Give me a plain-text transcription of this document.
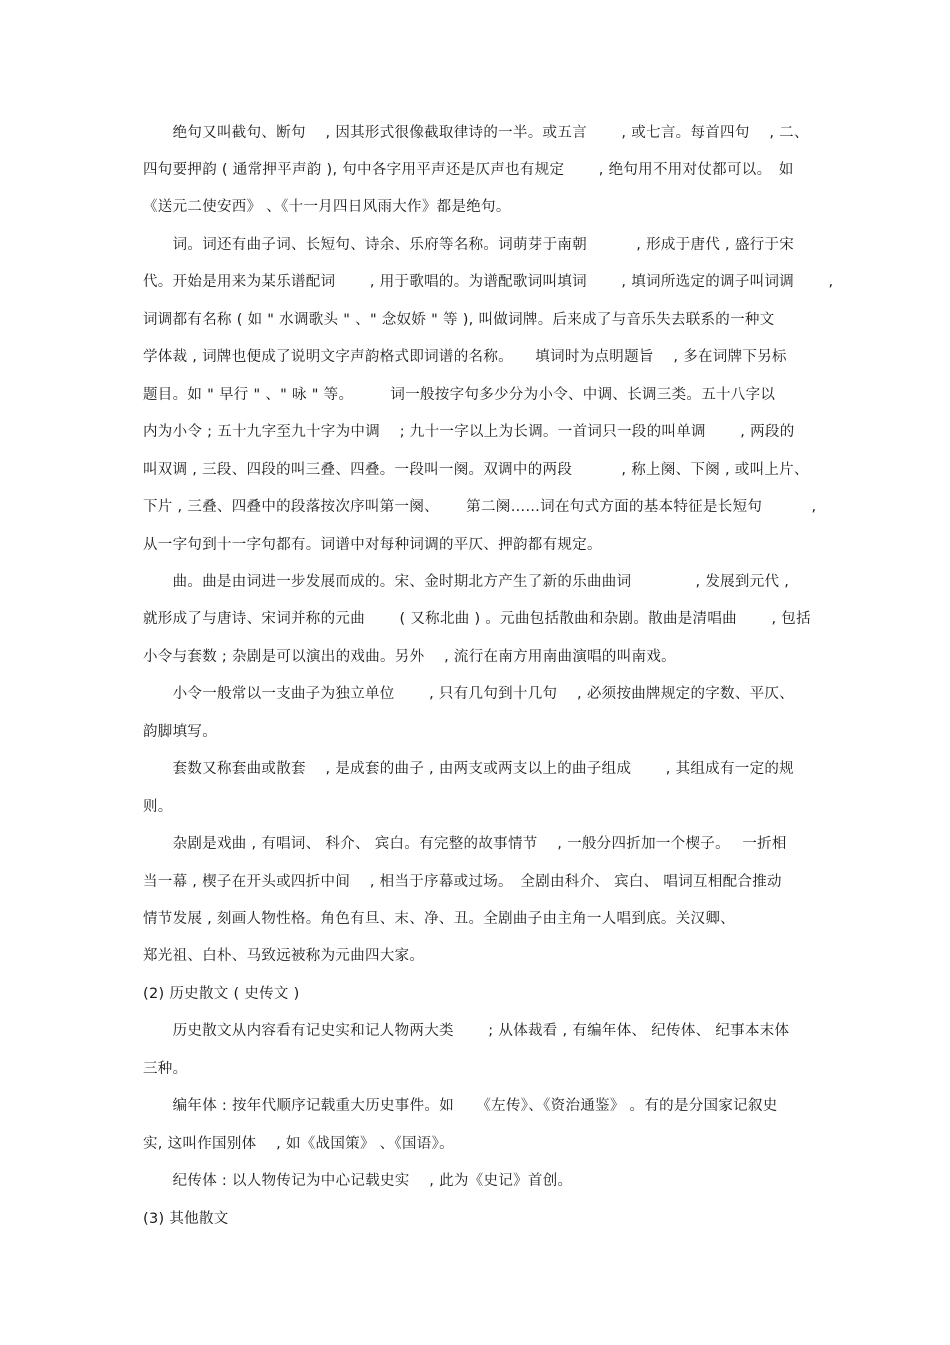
　　绝句又叫截句、断句　 , 因其形式很像截取律诗的一半。或五言　　 , 或七言。每首四句　 , 二、
四句要押韵 ( 通常押平声韵 ), 句中各字用平声还是仄声也有规定　　 , 绝句用不用对仗都可以。　如
《送元二使安西》 、《十一月四日风雨大作》都是绝句。
　　词。词还有曲子词、长短句、诗余、乐府等名称。词萌芽于南朝　　　 , 形成于唐代 , 盛行于宋
代。开始是用来为某乐谱配词　　 , 用于歌唱的。为谱配歌词叫填词　　 , 填词所选定的调子叫词调　　 ,
词调都有名称 ( 如 " 水调歌头 " 、" 念奴娇 " 等 ), 叫做词牌。后来成了与音乐失去联系的一种文
学体裁 , 词牌也便成了说明文字声韵格式即词谱的名称。　　填词时为点明题旨　 , 多在词牌下另标
题目。如 " 早行 " 、" 咏 " 等。　　　词一般按字句多少分为小令、中调、长调三类。五十八字以
内为小令 ; 五十九字至九十字为中调　 ; 九十一字以上为长调。一首词只一段的叫单调　　 , 两段的
叫双调 , 三段、四段的叫三叠、四叠。一段叫一阕。双调中的两段　　　 , 称上阕、下阕 , 或叫上片、
下片 , 三叠、四叠中的段落按次序叫第一阕、　　 第二阕……词在句式方面的基本特征是长短句　　　 ,
从一字句到十一字句都有。词谱中对每种词调的平仄、押韵都有规定。
　　曲。曲是由词进一步发展而成的。宋、金时期北方产生了新的乐曲曲词　　　　 , 发展到元代 ,
就形成了与唐诗、宋词并称的元曲　　 ( 又称北曲 ) 。元曲包括散曲和杂剧。散曲是清唱曲　　 , 包括
小令与套数 ; 杂剧是可以演出的戏曲。另外　 , 流行在南方用南曲演唱的叫南戏。
　　小令一般常以一支曲子为独立单位　　 , 只有几句到十几句　 , 必须按曲牌规定的字数、平仄、
韵脚填写。
　　套数又称套曲或散套　 , 是成套的曲子 , 由两支或两支以上的曲子组成　　 , 其组成有一定的规
则。
　　杂剧是戏曲 , 有唱词、 科介、 宾白。有完整的故事情节　 , 一般分四折加一个楔子。　 一折相
当一幕 , 楔子在开头或四折中间　 , 相当于序幕或过场。　全剧由科介、 宾白、 唱词互相配合推动
情节发展 , 刻画人物性格。角色有旦、末、净、丑。全剧曲子由主角一人唱到底。关汉卿、
郑光祖、白朴、马致远被称为元曲四大家。
(2) 历史散文 ( 史传文 )
　　历史散文从内容看有记史实和记人物两大类　　 ; 从体裁看 , 有编年体、 纪传体、 纪事本末体
三种。
　　编年体 : 按年代顺序记载重大历史事件。如　　《左传》、《资治通鉴》 。有的是分国家记叙史
实, 这叫作国别体　 , 如《战国策》 、《国语》。
　　纪传体 : 以人物传记为中心记载史实　 , 此为《史记》首创。
(3) 其他散文
